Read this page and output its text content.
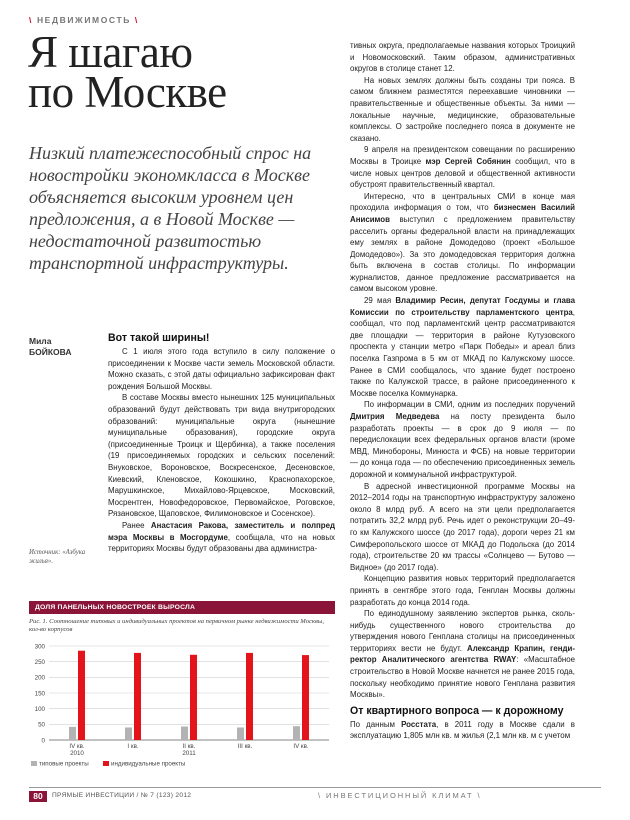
\ НЕДВИЖИМОСТЬ \
Я шагаю
по Москве
Низкий платежеспособный спрос на новостройки экономкласса в Москве объясняется высоким уровнем цен предложения, а в Новой Москве — недостаточной развитостью транспортной инфраструктуры.
Мила
БОЙКОВА
Источник: «Азбука жилья».
Вот такой ширины!

С 1 июля этого года вступило в силу положение о присоединении к Москве части земель Московской области. Можно сказать, с этой даты официально зафиксирован факт рождения Большой Москвы.

В составе Москвы вместо нынешних 125 муниципальных образований будут действовать три вида внутригородских образований: муниципальные округа (нынешние муниципальные образования), городские округа (присоединенные Троицк и Щербинка), а также поселения (19 присоединяемых городских и сельских поселений: Внуковское, Вороновское, Воскресенское, Десеновское, Киевский, Кленовское, Кокошкино, Краснопахорское, Марушкинское, Михайлово-Ярцевское, Московский, Мосрентген, Новофедоровское, Первомайское, Роговское, Рязановское, Щаповское, Филимоновское и Сосенское).

Ранее Анастасия Ракова, заместитель и полпред мэра Москвы в Мосгордуме, сообщала, что на новых территориях Москвы будут образованы два администра-

тивных округа, предполагаемые названия которых Троицкий и Новомосковский. Таким образом, административных округов в столице станет 12.

На новых землях должны быть созданы три пояса. В самом ближнем разместятся переехавшие чиновники — правительственные и общественные объекты. За ними — локальные научные, медицинские, образовательные комплексы. О застройке последнего пояса в документе не сказано.

9 апреля на президентском совещании по расширению Москвы в Троицке мэр Сергей Собянин сообщил, что в числе новых центров деловой и общественной активности обустроят правительственный квартал.

Интересно, что в центральных СМИ в конце мая проходила информация о том, что бизнесмен Василий Анисимов выступил с предложением правительству расселить органы федеральной власти на принадлежащих ему землях в районе Домодедово (проект «Большое Домодедово»). За это домодедовская территория должна быть включена в состав столицы. По информации журналистов, данное предложение рассматривается на самом высоком уровне.

29 мая Владимир Ресин, депутат Госдумы и глава Комиссии по строительству парламентского центра, сообщал, что под парламентский центр рассматриваются две площадки — территория в районе Кутузовского проспекта у станции метро «Парк Победы» и ареал близ поселка Газпрома в 5 км от МКАД по Калужскому шоссе. Ранее в СМИ сообщалось, что здание будет построено также по Калужской трассе, в районе присоединенного к Москве поселка Коммунарка.

По информации в СМИ, одним из последних поручений Дмитрия Медведева на посту президента было разработать проекты — в срок до 9 июля — по передислокации всех федеральных органов власти (кроме МВД, Минобороны, Минюста и ФСБ) на новые территории — до конца года — по обеспечению присоединенных земель дорожной и коммунальной инфраструктурой.

В адресной инвестиционной программе Москвы на 2012–2014 годы на транспортную инфраструктуру заложено около 8 млрд руб. А всего на эти цели предполагается потратить 32,2 млрд руб. Речь идет о реконструкции 20–49-го км Калужского шоссе (до 2017 года), дороги через 21 км Симферопольского шоссе от МКАД до Подольска (до 2014 года), строительстве 20 км трассы «Солнцево — Бутово — Видное» (до 2017 года).

Концепцию развития новых территорий предполагается принять в сентябре этого года, Генплан Москвы должны разработать до конца 2014 года.

По единодушному заявлению экспертов рынка, сколь-нибудь существенного нового строительства до утверждения нового Генплана столицы на присоединенных территориях вести не будут. Александр Крапин, гендиректор Аналитического агентства RWAY: «Масштабное строительство в Новой Москве начнется не ранее 2015 года, поскольку необходимо принятие нового Генплана развития Москвы».

От квартирного вопроса — к дорожному

По данным Росстата, в 2011 году в Москве сдали в эксплуатацию 1,805 млн кв. м жилья (2,1 млн кв. м с учетом

ДОЛЯ ПАНЕЛЬНЫХ НОВОСТРОЕК ВЫРОСЛА
Рис. 1. Соотношение типовых и индивидуальных проектов на первичном рынке недвижимости Москвы, кол-во корпусов
0
50
100
150
200
250
300
IV кв.	I кв.	II кв.	III кв.	IV кв.
2010	2011
типовые проекты	индивидуальные проекты
80	ПРЯМЫЕ ИНВЕСТИЦИИ / № 7 (123) 2012	\ ИНВЕСТИЦИОННЫЙ КЛИМАТ \
